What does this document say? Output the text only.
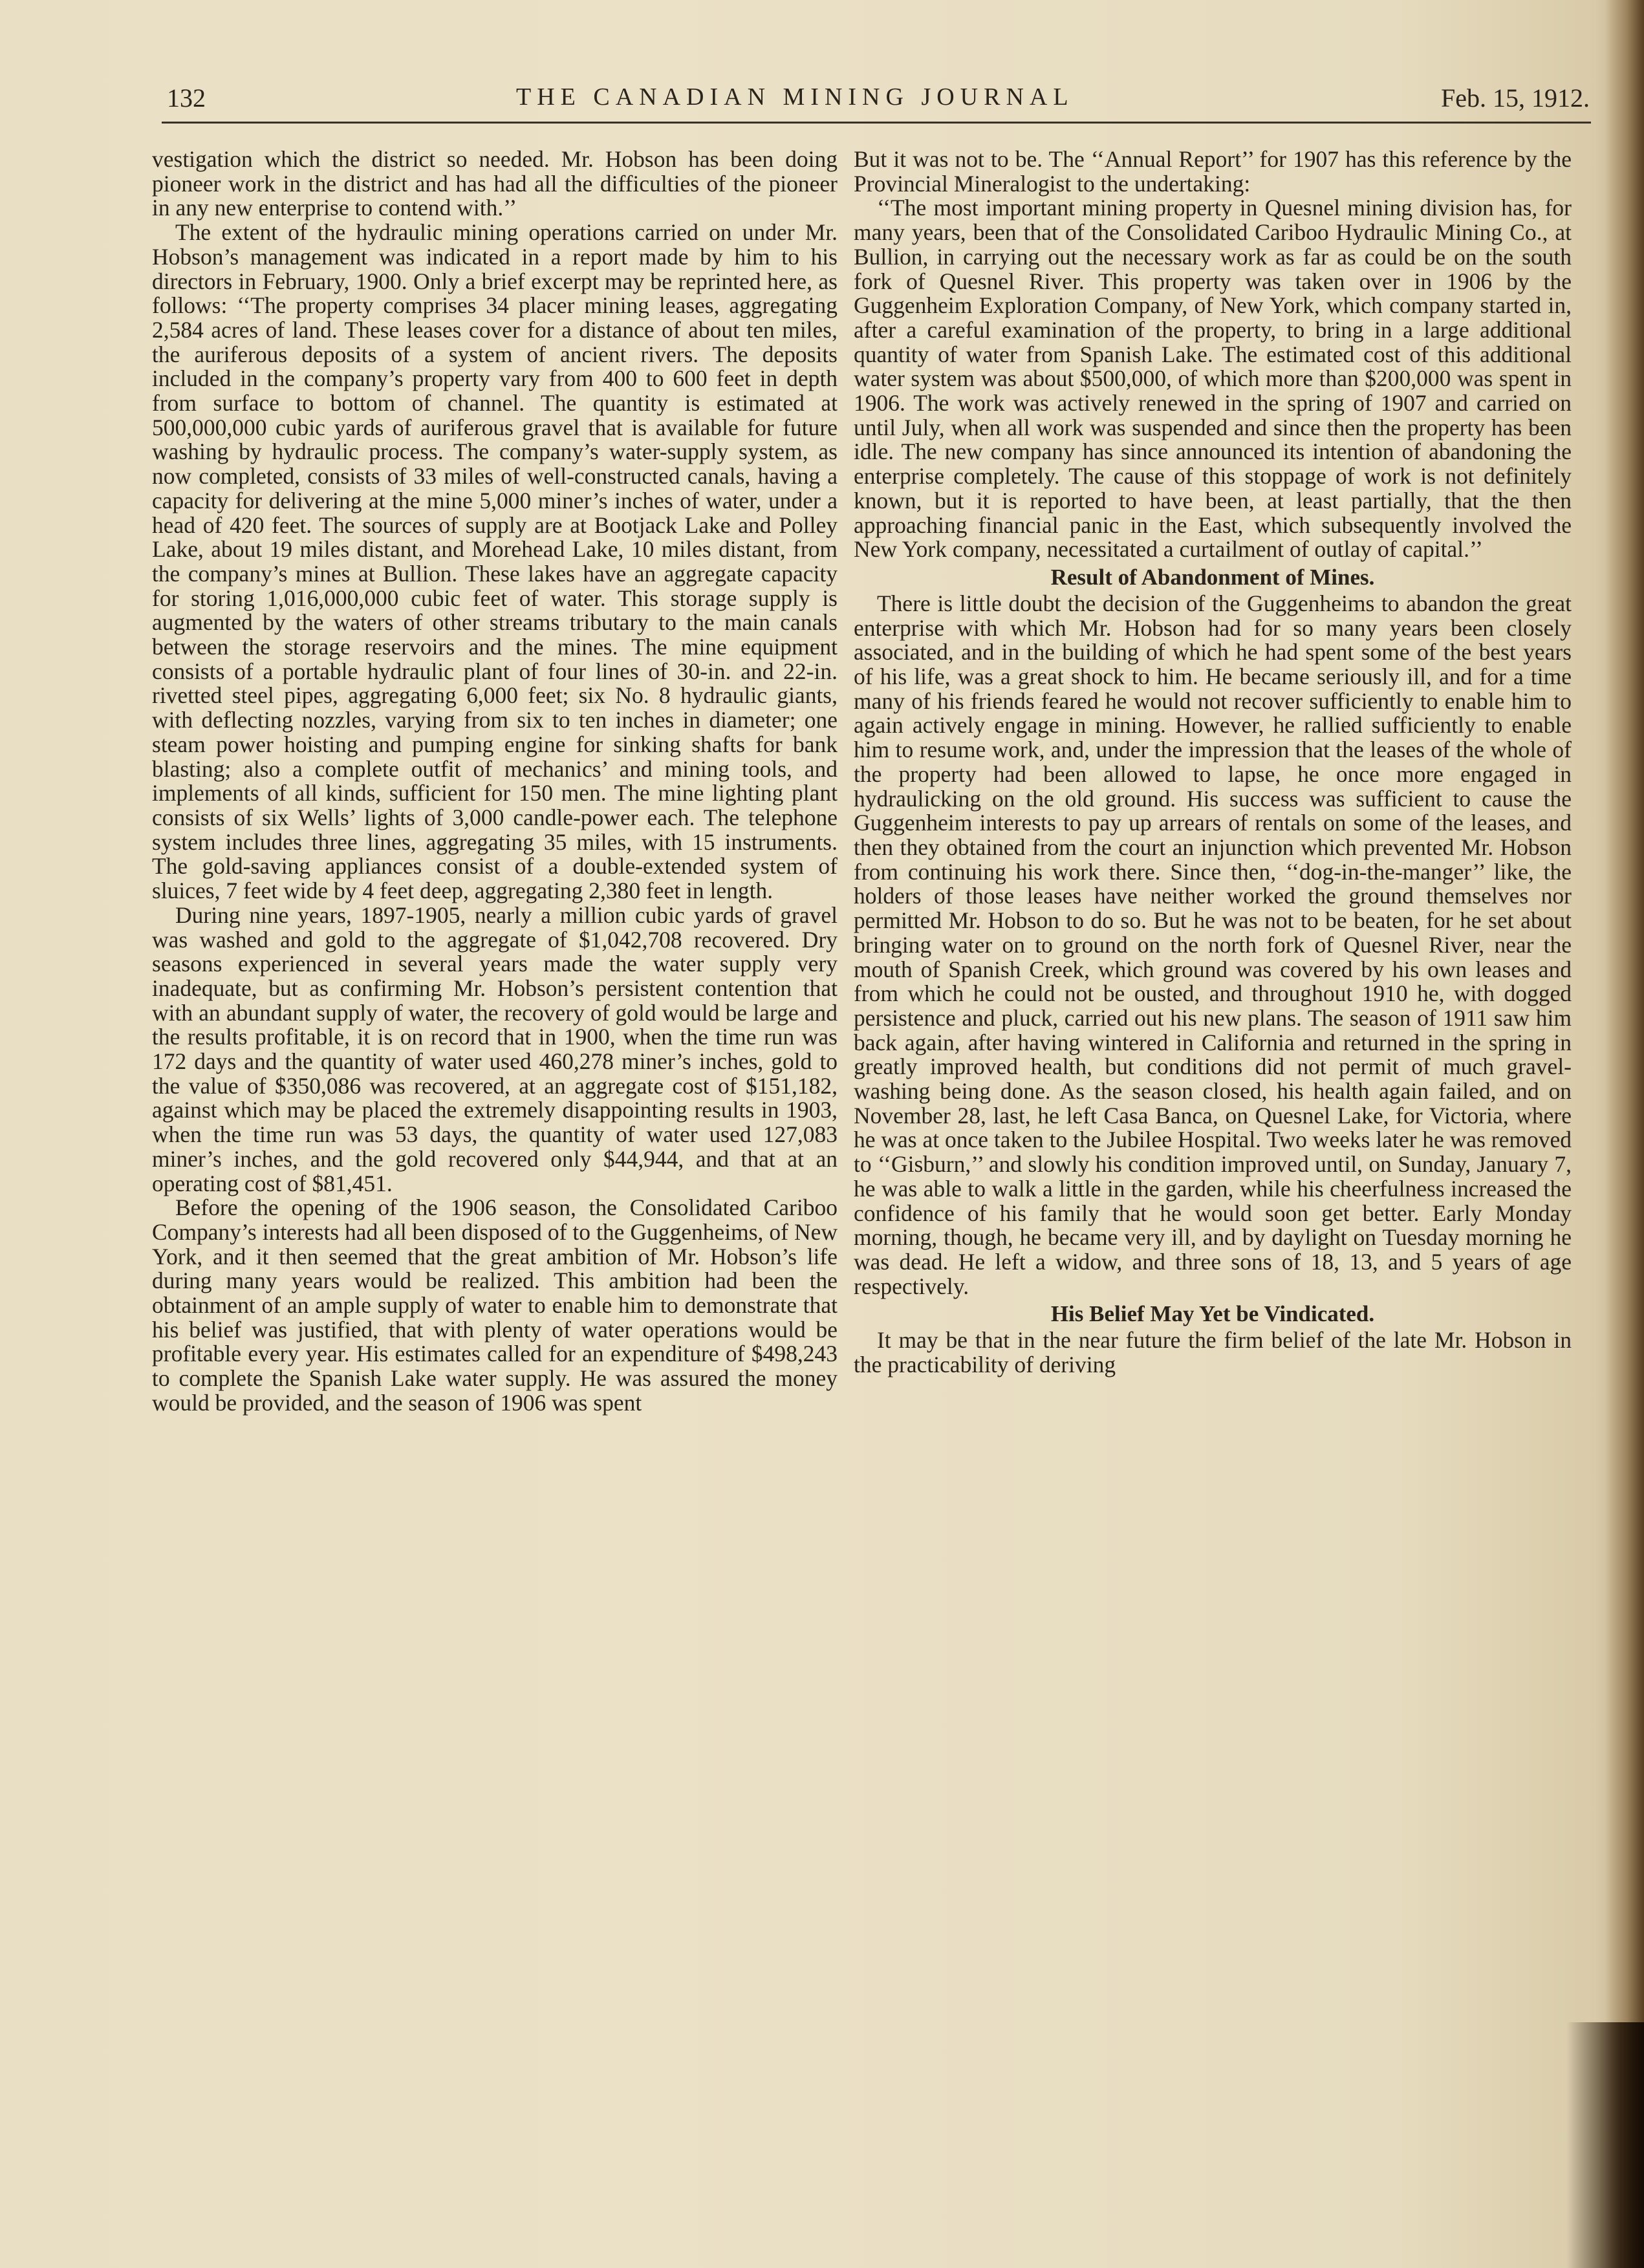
132	THE CANADIAN MINING JOURNAL	Feb. 15, 1912.

vestigation which the district so needed. Mr. Hobson has been doing pioneer work in the district and has had all the difficulties of the pioneer in any new enterprise to contend with.’’

The extent of the hydraulic mining operations carried on under Mr. Hobson’s management was indicated in a report made by him to his directors in February, 1900. Only a brief excerpt may be reprinted here, as follows: ‘‘The property comprises 34 placer mining leases, aggregating 2,584 acres of land. These leases cover for a distance of about ten miles, the auriferous deposits of a system of ancient rivers. The deposits included in the company’s property vary from 400 to 600 feet in depth from surface to bottom of channel. The quantity is estimated at 500,000,000 cubic yards of auriferous gravel that is available for future washing by hydraulic process. The company’s water-supply system, as now completed, consists of 33 miles of well-constructed canals, having a capacity for delivering at the mine 5,000 miner’s inches of water, under a head of 420 feet. The sources of supply are at Bootjack Lake and Polley Lake, about 19 miles distant, and Morehead Lake, 10 miles distant, from the company’s mines at Bullion. These lakes have an aggregate capacity for storing 1,016,000,000 cubic feet of water. This storage supply is augmented by the waters of other streams tributary to the main canals between the storage reservoirs and the mines. The mine equipment consists of a portable hydraulic plant of four lines of 30-in. and 22-in. rivetted steel pipes, aggregating 6,000 feet; six No. 8 hydraulic giants, with deflecting nozzles, varying from six to ten inches in diameter; one steam power hoisting and pumping engine for sinking shafts for bank blasting; also a complete outfit of mechanics’ and mining tools, and implements of all kinds, sufficient for 150 men. The mine lighting plant consists of six Wells’ lights of 3,000 candle-power each. The telephone system includes three lines, aggregating 35 miles, with 15 instruments. The gold-saving appliances consist of a double-extended system of sluices, 7 feet wide by 4 feet deep, aggregating 2,380 feet in length.

During nine years, 1897-1905, nearly a million cubic yards of gravel was washed and gold to the aggregate of $1,042,708 recovered. Dry seasons experienced in several years made the water supply very inadequate, but as confirming Mr. Hobson’s persistent contention that with an abundant supply of water, the recovery of gold would be large and the results profitable, it is on record that in 1900, when the time run was 172 days and the quantity of water used 460,278 miner’s inches, gold to the value of $350,086 was recovered, at an aggregate cost of $151,182, against which may be placed the extremely disappointing results in 1903, when the time run was 53 days, the quantity of water used 127,083 miner’s inches, and the gold recovered only $44,944, and that at an operating cost of $81,451.

Before the opening of the 1906 season, the Consolidated Cariboo Company’s interests had all been disposed of to the Guggenheims, of New York, and it then seemed that the great ambition of Mr. Hobson’s life during many years would be realized. This ambition had been the obtainment of an ample supply of water to enable him to demonstrate that his belief was justified, that with plenty of water operations would be profitable every year. His estimates called for an expenditure of $498,243 to complete the Spanish Lake water supply. He was assured the money would be provided, and the season of 1906 was spent

But it was not to be. The ‘‘Annual Report’’ for 1907 has this reference by the Provincial Mineralogist to the undertaking:

‘‘The most important mining property in Quesnel mining division has, for many years, been that of the Consolidated Cariboo Hydraulic Mining Co., at Bullion, in carrying out the necessary work as far as could be on the south fork of Quesnel River. This property was taken over in 1906 by the Guggenheim Exploration Company, of New York, which company started in, after a careful examination of the property, to bring in a large additional quantity of water from Spanish Lake. The estimated cost of this additional water system was about $500,000, of which more than $200,000 was spent in 1906. The work was actively renewed in the spring of 1907 and carried on until July, when all work was suspended and since then the property has been idle. The new company has since announced its intention of abandoning the enterprise completely. The cause of this stoppage of work is not definitely known, but it is reported to have been, at least partially, that the then approaching financial panic in the East, which subsequently involved the New York company, necessitated a curtailment of outlay of capital.’’

Result of Abandonment of Mines.

There is little doubt the decision of the Guggenheims to abandon the great enterprise with which Mr. Hobson had for so many years been closely associated, and in the building of which he had spent some of the best years of his life, was a great shock to him. He became seriously ill, and for a time many of his friends feared he would not recover sufficiently to enable him to again actively engage in mining. However, he rallied sufficiently to enable him to resume work, and, under the impression that the leases of the whole of the property had been allowed to lapse, he once more engaged in hydraulicking on the old ground. His success was sufficient to cause the Guggenheim interests to pay up arrears of rentals on some of the leases, and then they obtained from the court an injunction which prevented Mr. Hobson from continuing his work there. Since then, ‘‘dog-in-the-manger’’ like, the holders of those leases have neither worked the ground themselves nor permitted Mr. Hobson to do so. But he was not to be beaten, for he set about bringing water on to ground on the north fork of Quesnel River, near the mouth of Spanish Creek, which ground was covered by his own leases and from which he could not be ousted, and throughout 1910 he, with dogged persistence and pluck, carried out his new plans. The season of 1911 saw him back again, after having wintered in California and returned in the spring in greatly improved health, but conditions did not permit of much gravel-washing being done. As the season closed, his health again failed, and on November 28, last, he left Casa Banca, on Quesnel Lake, for Victoria, where he was at once taken to the Jubilee Hospital. Two weeks later he was removed to ‘‘Gisburn,’’ and slowly his condition improved until, on Sunday, January 7, he was able to walk a little in the garden, while his cheerfulness increased the confidence of his family that he would soon get better. Early Monday morning, though, he became very ill, and by daylight on Tuesday morning he was dead. He left a widow, and three sons of 18, 13, and 5 years of age respectively.

His Belief May Yet be Vindicated.

It may be that in the near future the firm belief of the late Mr. Hobson in the practicability of deriving
